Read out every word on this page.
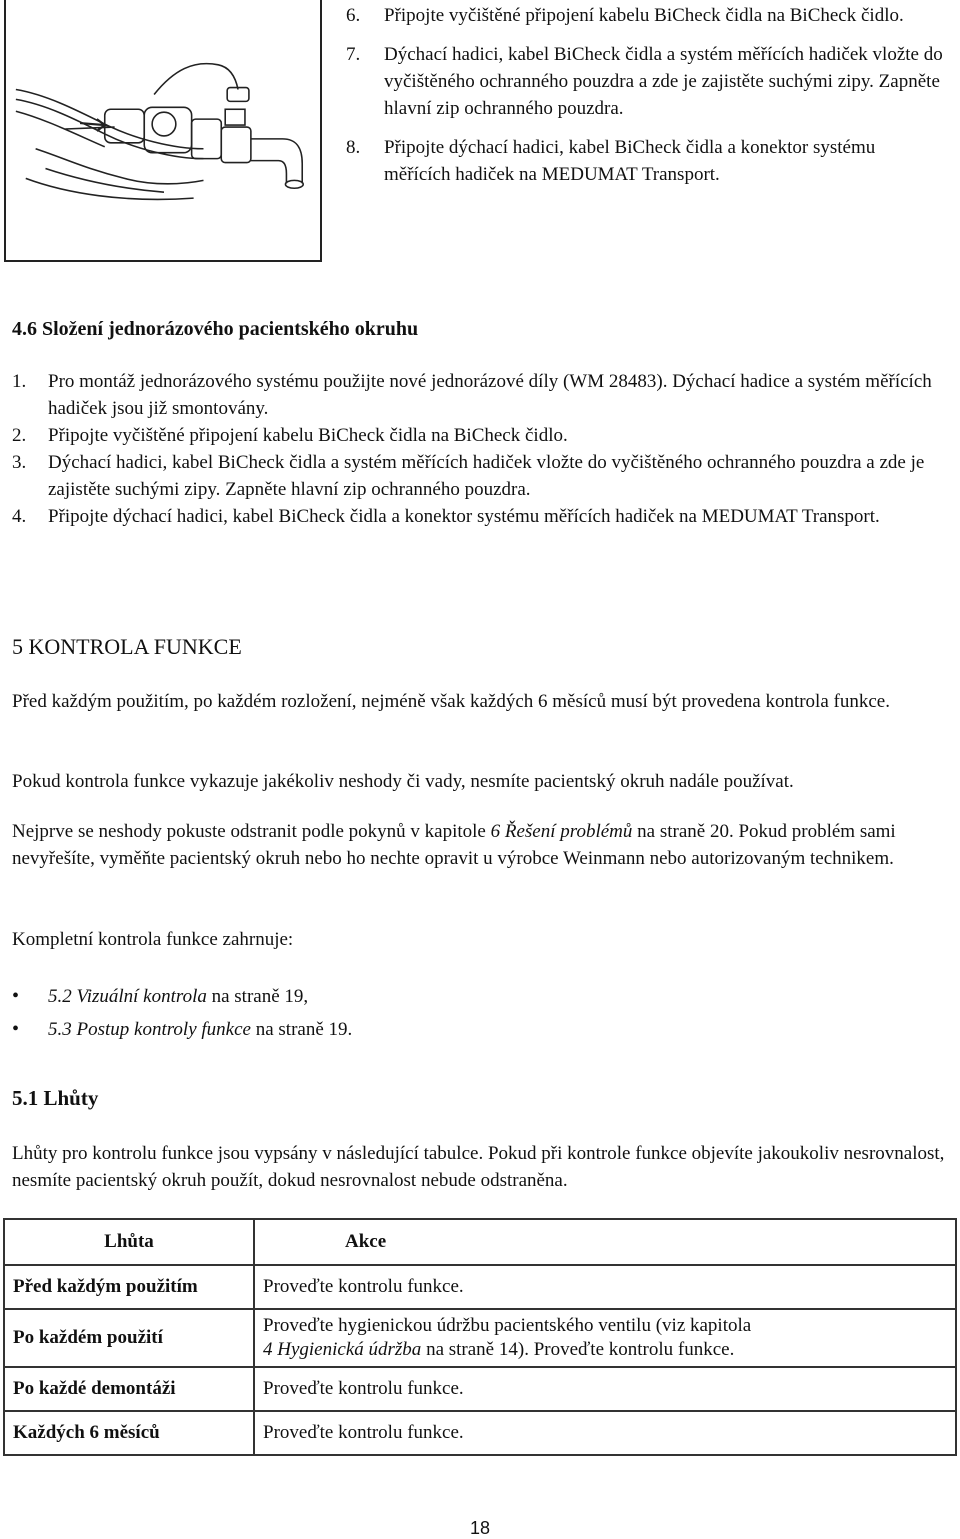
6.	Připojte vyčištěné připojení kabelu BiCheck čidla na BiCheck čidlo.
7.	Dýchací hadici, kabel BiCheck čidla a systém měřících hadiček vložte do vyčištěného ochranného pouzdra a zde je zajistěte suchými zipy. Zapněte hlavní zip ochranného pouzdra.
8.	Připojte dýchací hadici, kabel BiCheck čidla a konektor systému měřících hadiček na MEDUMAT Transport.
4.6 Složení jednorázového pacientského okruhu
1.	Pro montáž jednorázového systému použijte nové jednorázové díly (WM 28483). Dýchací hadice a systém měřících hadiček jsou již smontovány.
2.	Připojte vyčištěné připojení kabelu BiCheck čidla na BiCheck čidlo.
3.	Dýchací hadici, kabel BiCheck čidla a systém měřících hadiček vložte do vyčištěného ochranného pouzdra a zde je zajistěte suchými zipy. Zapněte hlavní zip ochranného pouzdra.
4.	Připojte dýchací hadici, kabel BiCheck čidla a konektor systému měřících hadiček na MEDUMAT Transport.
5 KONTROLA FUNKCE
Před každým použitím, po každém rozložení, nejméně však každých 6 měsíců musí být provedena kontrola funkce.
Pokud kontrola funkce vykazuje jakékoliv neshody či vady, nesmíte pacientský okruh nadále používat.
Nejprve se neshody pokuste odstranit podle pokynů v kapitole 6 Řešení problémů na straně 20. Pokud problém sami nevyřešíte, vyměňte pacientský okruh nebo ho nechte opravit u výrobce Weinmann nebo autorizovaným technikem.
Kompletní kontrola funkce zahrnuje:
•	5.2 Vizuální kontrola na straně 19,
•	5.3 Postup kontroly funkce na straně 19.
5.1 Lhůty
Lhůty pro kontrolu funkce jsou vypsány v následující tabulce. Pokud při kontrole funkce objevíte jakoukoliv nesrovnalost, nesmíte pacientský okruh použít, dokud nesrovnalost nebude odstraněna.
Lhůta	Akce
Před každým použitím	Proveďte kontrolu funkce.
Po každém použití	Proveďte hygienickou údržbu pacientského ventilu (viz kapitola
4 Hygienická údržba na straně 14). Proveďte kontrolu funkce.
Po každé demontáži	Proveďte kontrolu funkce.
Každých 6 měsíců	Proveďte kontrolu funkce.
18
